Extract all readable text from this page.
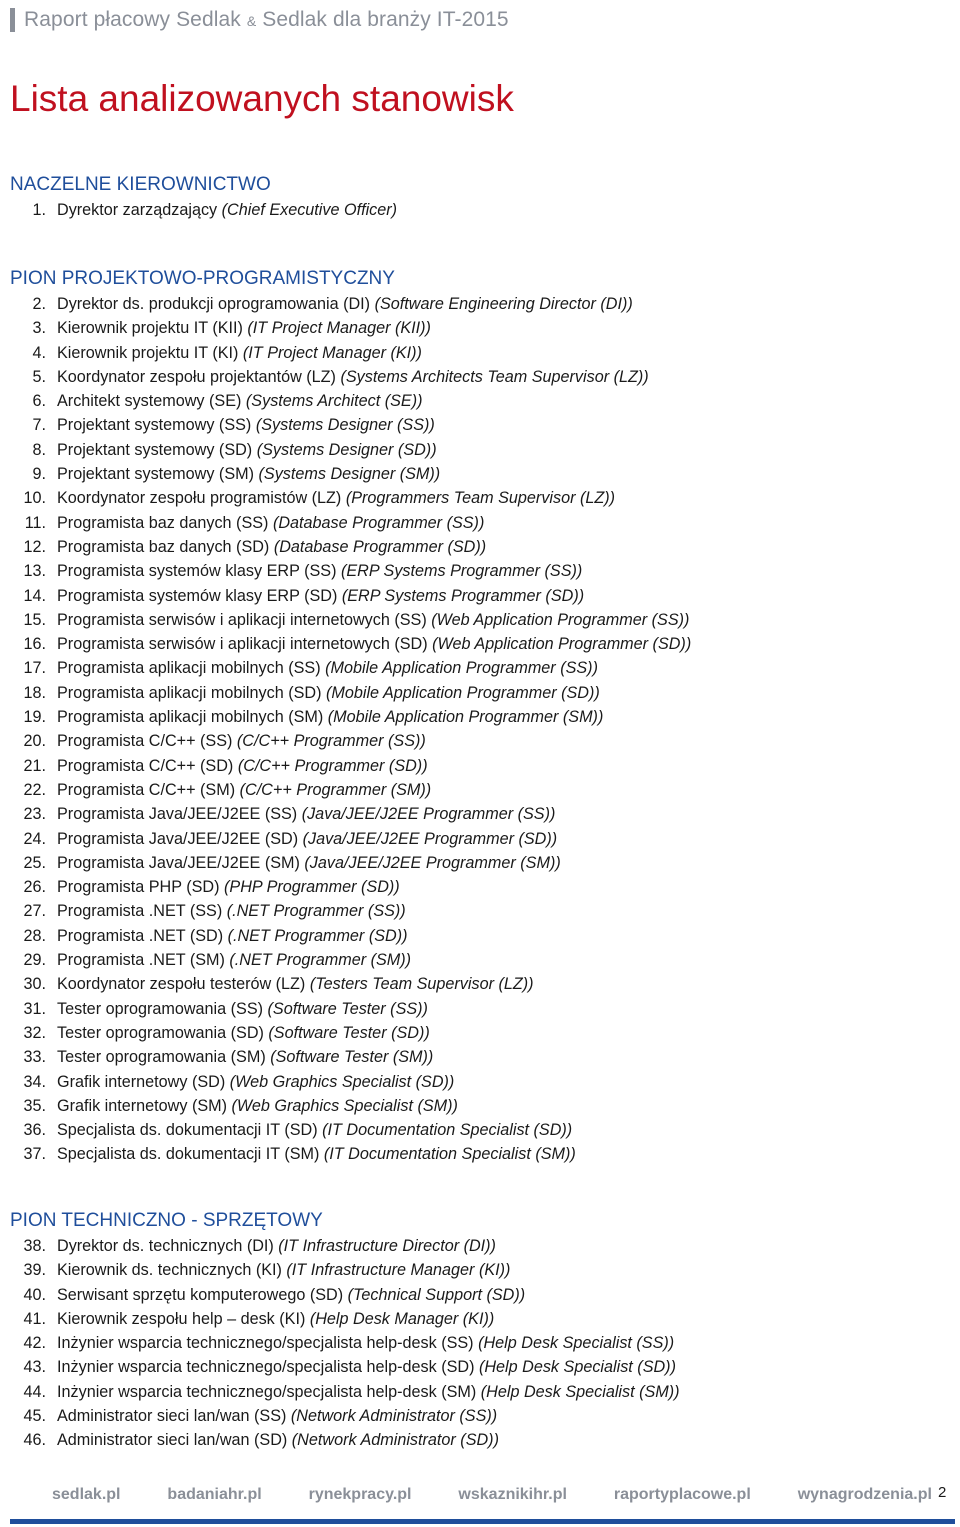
Raport płacowy Sedlak & Sedlak dla branży IT-2015
Lista analizowanych stanowisk
NACZELNE KIEROWNICTWO
1. Dyrektor zarządzający (Chief Executive Officer)
PION PROJEKTOWO-PROGRAMISTYCZNY
2. Dyrektor ds. produkcji oprogramowania (DI) (Software Engineering Director (DI))
3. Kierownik projektu IT (KII) (IT Project Manager (KII))
4. Kierownik projektu IT (KI) (IT Project Manager (KI))
5. Koordynator zespołu projektantów (LZ) (Systems Architects Team Supervisor (LZ))
6. Architekt systemowy (SE) (Systems Architect (SE))
7. Projektant systemowy (SS) (Systems Designer (SS))
8. Projektant systemowy (SD) (Systems Designer (SD))
9. Projektant systemowy (SM) (Systems Designer (SM))
10. Koordynator zespołu programistów (LZ) (Programmers Team Supervisor (LZ))
11. Programista baz danych (SS) (Database Programmer (SS))
12. Programista baz danych (SD) (Database Programmer (SD))
13. Programista systemów klasy ERP (SS) (ERP Systems Programmer (SS))
14. Programista systemów klasy ERP (SD) (ERP Systems Programmer (SD))
15. Programista serwisów i aplikacji internetowych (SS) (Web Application Programmer (SS))
16. Programista serwisów i aplikacji internetowych (SD) (Web Application Programmer (SD))
17. Programista aplikacji mobilnych (SS) (Mobile Application Programmer (SS))
18. Programista aplikacji mobilnych (SD) (Mobile Application Programmer (SD))
19. Programista aplikacji mobilnych (SM) (Mobile Application Programmer (SM))
20. Programista C/C++ (SS) (C/C++ Programmer (SS))
21. Programista C/C++ (SD) (C/C++ Programmer (SD))
22. Programista C/C++ (SM) (C/C++ Programmer (SM))
23. Programista Java/JEE/J2EE (SS) (Java/JEE/J2EE Programmer (SS))
24. Programista Java/JEE/J2EE (SD) (Java/JEE/J2EE Programmer (SD))
25. Programista Java/JEE/J2EE (SM) (Java/JEE/J2EE Programmer (SM))
26. Programista PHP (SD) (PHP Programmer (SD))
27. Programista .NET (SS) (.NET Programmer (SS))
28. Programista .NET (SD) (.NET Programmer (SD))
29. Programista .NET (SM) (.NET Programmer (SM))
30. Koordynator zespołu testerów (LZ) (Testers Team Supervisor (LZ))
31. Tester oprogramowania (SS) (Software Tester (SS))
32. Tester oprogramowania (SD) (Software Tester (SD))
33. Tester oprogramowania (SM) (Software Tester (SM))
34. Grafik internetowy (SD) (Web Graphics Specialist (SD))
35. Grafik internetowy (SM) (Web Graphics Specialist (SM))
36. Specjalista ds. dokumentacji IT (SD) (IT Documentation Specialist (SD))
37. Specjalista ds. dokumentacji IT (SM) (IT Documentation Specialist (SM))
PION TECHNICZNO - SPRZĘTOWY
38. Dyrektor ds. technicznych (DI) (IT Infrastructure Director (DI))
39. Kierownik ds. technicznych (KI) (IT Infrastructure Manager (KI))
40. Serwisant sprzętu komputerowego (SD) (Technical Support (SD))
41. Kierownik zespołu help – desk (KI) (Help Desk Manager (KI))
42. Inżynier wsparcia technicznego/specjalista help-desk (SS) (Help Desk Specialist (SS))
43. Inżynier wsparcia technicznego/specjalista help-desk (SD) (Help Desk Specialist (SD))
44. Inżynier wsparcia technicznego/specjalista help-desk (SM) (Help Desk Specialist (SM))
45. Administrator sieci lan/wan (SS) (Network Administrator (SS))
46. Administrator sieci lan/wan (SD) (Network Administrator (SD))
sedlak.pl	badaniahr.pl	rynekpracy.pl	wskaznikihr.pl	raportyplacowe.pl	wynagrodzenia.pl 2
